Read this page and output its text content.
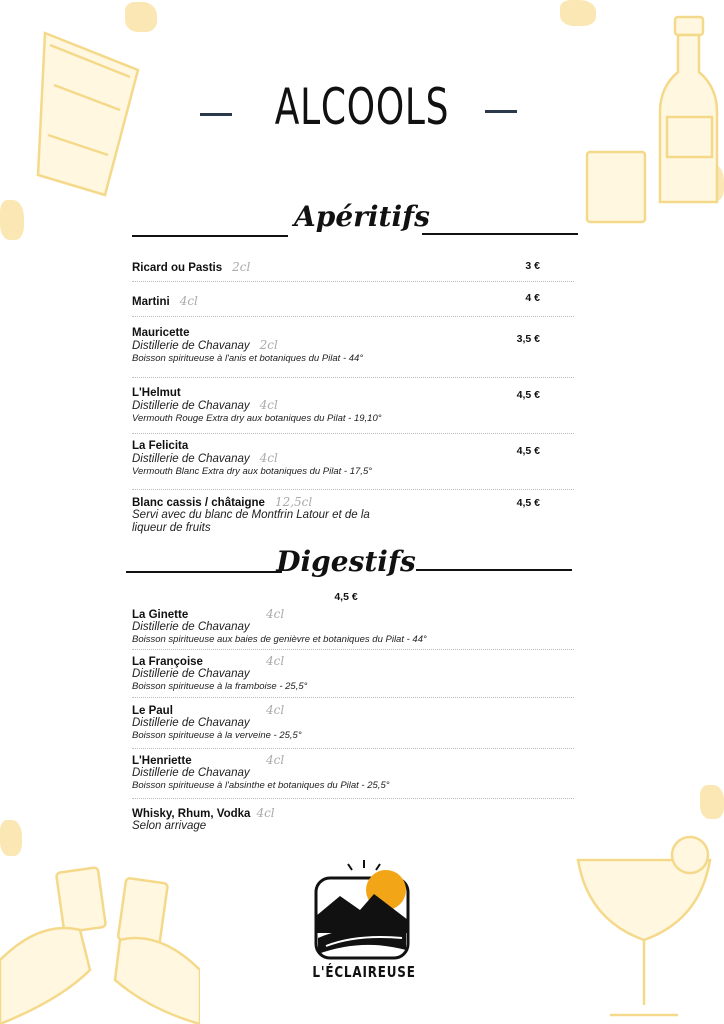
ALCOOLS
Apéritifs
Ricard ou Pastis 2cl	3 €
Martini 4cl	4 €
Mauricette
Distillerie de Chavanay 2cl
Boisson spiritueuse à l'anis et botaniques du Pilat - 44°
3,5 €
L'Helmut
Distillerie de Chavanay 4cl
Vermouth Rouge Extra dry aux botaniques du Pilat - 19,10°
4,5 €
La Felicita
Distillerie de Chavanay 4cl
Vermouth Blanc Extra dry aux botaniques du Pilat - 17,5°
4,5 €
Blanc cassis / châtaigne 12,5cl
Servi avec du blanc de Montfrin Latour et de la
liqueur de fruits
4,5 €
Digestifs
4,5 €
La Ginette	4cl
Distillerie de Chavanay
Boisson spiritueuse aux baies de genièvre et botaniques du Pilat - 44°
La Françoise	4cl
Distillerie de Chavanay
Boisson spiritueuse à la framboise - 25,5°
Le Paul	4cl
Distillerie de Chavanay
Boisson spiritueuse à la verveine - 25,5°
L'Henriette	4cl
Distillerie de Chavanay
Boisson spiritueuse à l'absinthe et botaniques du Pilat - 25,5°
Whisky, Rhum, Vodka 4cl
Selon arrivage
L'ÉCLAIREUSE
